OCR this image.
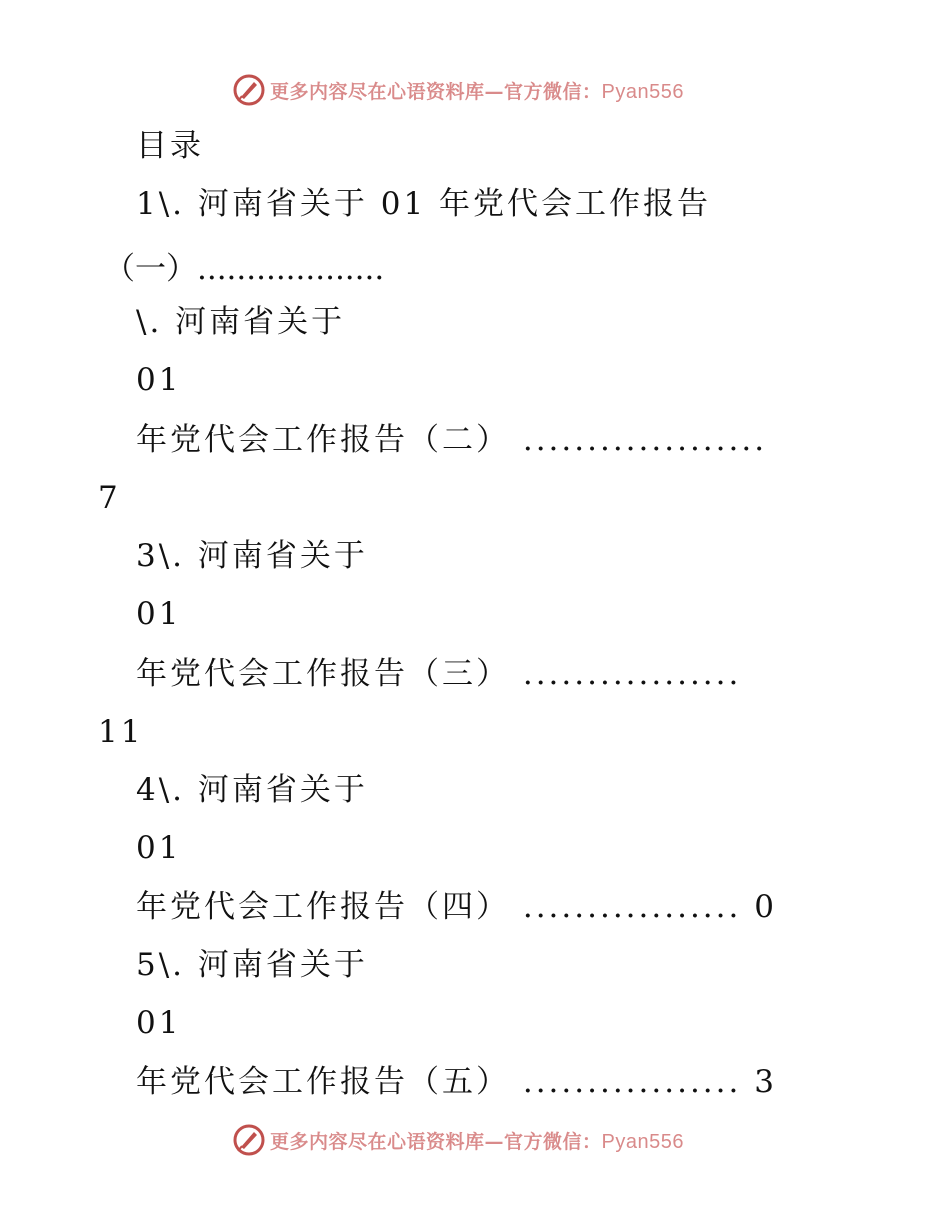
更多内容尽在心语资料库—官方微信：Pyan556
目录
1\. 河南省关于 01 年党代会工作报告
（一）...................
\. 河南省关于
01
年党代会工作报告（二） ...................
7
3\. 河南省关于
01
年党代会工作报告（三） .................
11
4\. 河南省关于
01
年党代会工作报告（四） ................. 0
5\. 河南省关于
01
年党代会工作报告（五） ................. 3
更多内容尽在心语资料库—官方微信：Pyan556
